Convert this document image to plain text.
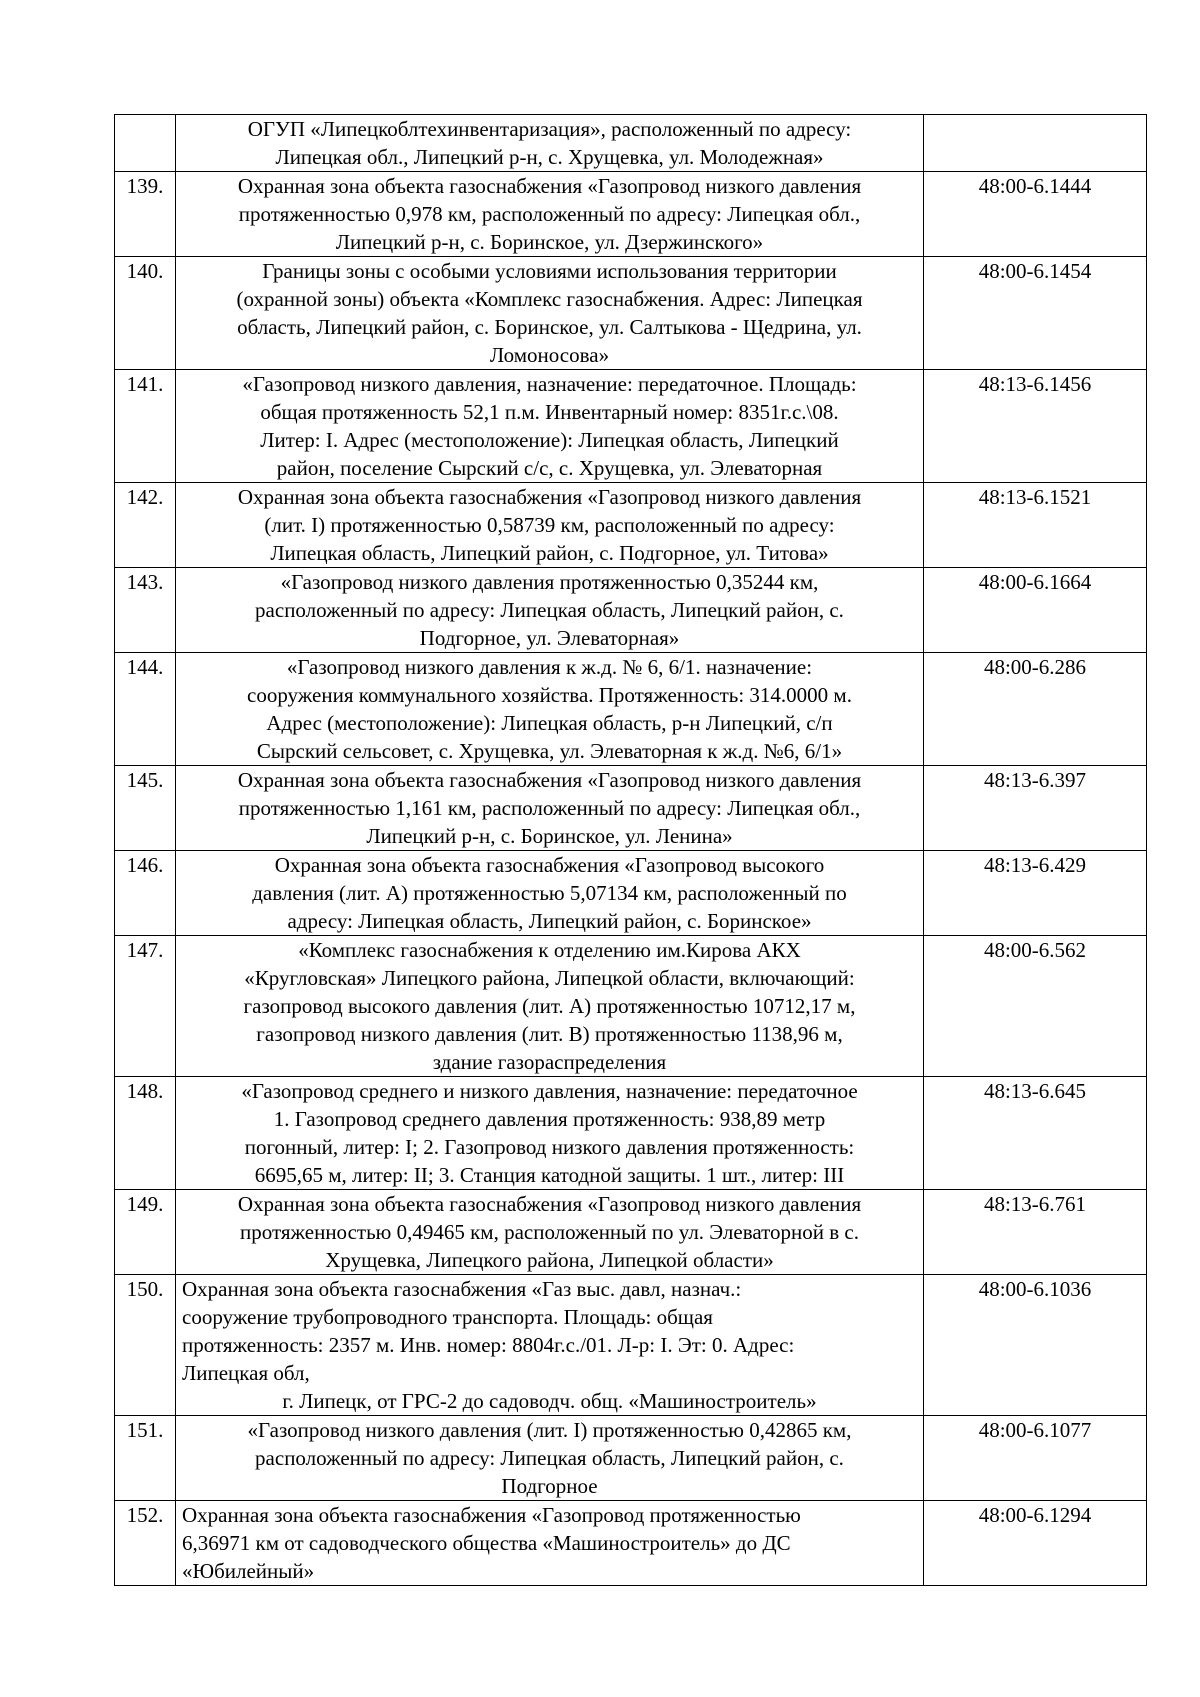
	ОГУП «Липецкоблтехинвентаризация», расположенный по адресу:
Липецкая обл., Липецкий р-н, с. Хрущевка, ул. Молодежная»	

139.	Охранная зона объекта газоснабжения «Газопровод низкого давления
протяженностью 0,978 км, расположенный по адресу: Липецкая обл.,
Липецкий р-н, с. Боринское, ул. Дзержинского»	48:00-6.1444
140.	Границы зоны с особыми условиями использования территории
(охранной зоны) объекта «Комплекс газоснабжения. Адрес: Липецкая
область, Липецкий район, с. Боринское, ул. Салтыкова - Щедрина, ул.
Ломоносова»	48:00-6.1454
141.	«Газопровод низкого давления, назначение: передаточное. Площадь:
общая протяженность 52,1 п.м. Инвентарный номер: 8351г.с.\08.
Литер: I. Адрес (местоположение): Липецкая область, Липецкий
район, поселение Сырский с/с, с. Хрущевка, ул. Элеваторная	48:13-6.1456
142.	Охранная зона объекта газоснабжения «Газопровод низкого давления
(лит. I) протяженностью 0,58739 км, расположенный по адресу:
Липецкая область, Липецкий район, с. Подгорное, ул. Титова»	48:13-6.1521
143.	«Газопровод низкого давления протяженностью 0,35244 км,
расположенный по адресу: Липецкая область, Липецкий район, с.
Подгорное, ул. Элеваторная»	48:00-6.1664
144.	«Газопровод низкого давления к ж.д. № 6, 6/1. назначение:
сооружения коммунального хозяйства. Протяженность: 314.0000 м.
Адрес (местоположение): Липецкая область, р-н Липецкий, с/п
Сырский сельсовет, с. Хрущевка, ул. Элеваторная к ж.д. №6, 6/1»	48:00-6.286
145.	Охранная зона объекта газоснабжения «Газопровод низкого давления
протяженностью 1,161 км, расположенный по адресу: Липецкая обл.,
Липецкий р-н, с. Боринское, ул. Ленина»	48:13-6.397
146.	Охранная зона объекта газоснабжения «Газопровод высокого
давления (лит. А) протяженностью 5,07134 км, расположенный по
адресу: Липецкая область, Липецкий район, с. Боринское»	48:13-6.429
147.	«Комплекс газоснабжения к отделению им.Кирова АКХ
«Кругловская» Липецкого района, Липецкой области, включающий:
газопровод высокого давления (лит. А) протяженностью 10712,17 м,
газопровод низкого давления (лит. В) протяженностью 1138,96 м,
здание газораспределения	48:00-6.562
148.	«Газопровод среднего и низкого давления, назначение: передаточное
1. Газопровод среднего давления протяженность: 938,89 метр
погонный, литер: I; 2. Газопровод низкого давления протяженность:
6695,65 м, литер: II; 3. Станция катодной защиты. 1 шт., литер: III	48:13-6.645
149.	Охранная зона объекта газоснабжения «Газопровод низкого давления
протяженностью 0,49465 км, расположенный по ул. Элеваторной в с.
Хрущевка, Липецкого района, Липецкой области»	48:13-6.761
150.	Охранная зона объекта газоснабжения «Газ выс. давл, назнач.:
сооружение трубопроводного транспорта. Площадь: общая
протяженность: 2357 м. Инв. номер: 8804г.с./01. Л-р: I. Эт: 0. Адрес:
Липецкая обл,
г. Липецк, от ГРС-2 до садоводч. общ. «Машиностроитель»	48:00-6.1036
151.	«Газопровод низкого давления (лит. I) протяженностью 0,42865 км,
расположенный по адресу: Липецкая область, Липецкий район, с.
Подгорное	48:00-6.1077
152.	Охранная зона объекта газоснабжения «Газопровод протяженностью
6,36971 км от садоводческого общества «Машиностроитель» до ДС
«Юбилейный»	48:00-6.1294
